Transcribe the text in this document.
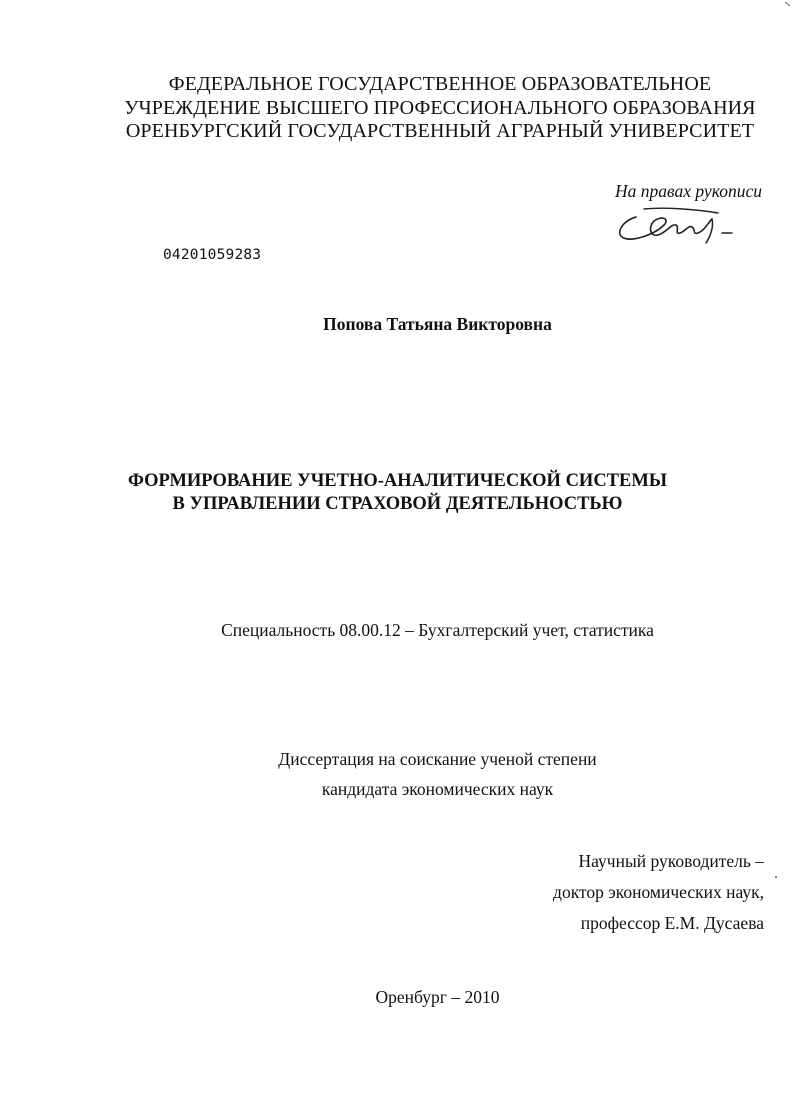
ФЕДЕРАЛЬНОЕ ГОСУДАРСТВЕННОЕ ОБРАЗОВАТЕЛЬНОЕ
УЧРЕЖДЕНИЕ ВЫСШЕГО ПРОФЕССИОНАЛЬНОГО ОБРАЗОВАНИЯ
ОРЕНБУРГСКИЙ ГОСУДАРСТВЕННЫЙ АГРАРНЫЙ УНИВЕРСИТЕТ
На правах рукописи
04201059283
Попова Татьяна Викторовна
ФОРМИРОВАНИЕ УЧЕТНО-АНАЛИТИЧЕСКОЙ СИСТЕМЫ
В УПРАВЛЕНИИ СТРАХОВОЙ ДЕЯТЕЛЬНОСТЬЮ
Специальность 08.00.12 – Бухгалтерский учет, статистика
Диссертация на соискание ученой степени
кандидата экономических наук
Научный руководитель –
доктор экономических наук,
профессор Е.М. Дусаева
Оренбург – 2010
